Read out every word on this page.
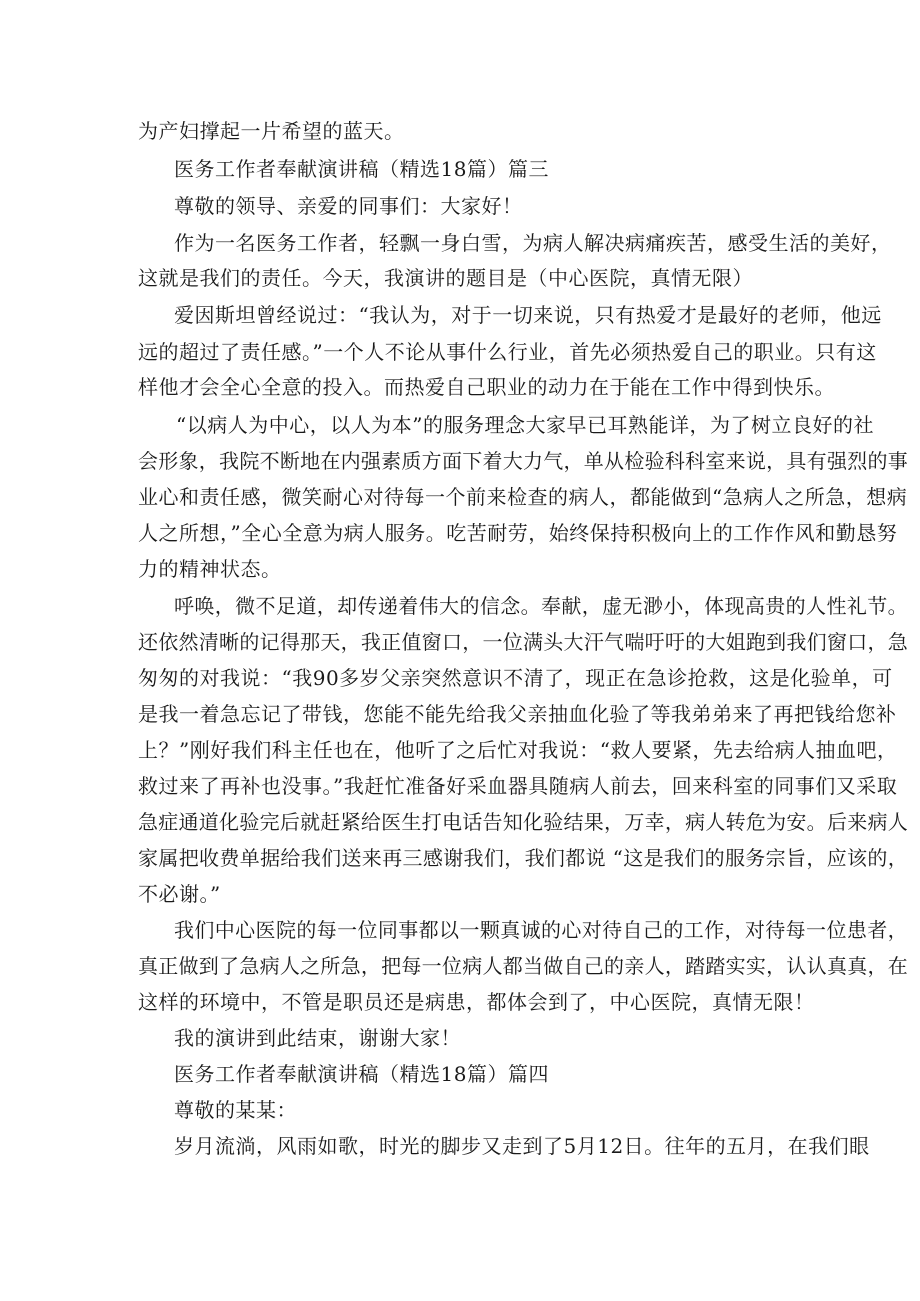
为产妇撑起一片希望的蓝天。
医务工作者奉献演讲稿（精选18篇）篇三
尊敬的领导、亲爱的同事们：大家好！
作为一名医务工作者，轻飘一身白雪，为病人解决病痛疾苦，感受生活的美好，
这就是我们的责任。今天，我演讲的题目是（中心医院，真情无限）
爱因斯坦曾经说过：“我认为，对于一切来说，只有热爱才是最好的老师，他远
远的超过了责任感。”一个人不论从事什么行业，首先必须热爱自己的职业。只有这
样他才会全心全意的投入。而热爱自己职业的动力在于能在工作中得到快乐。
“以病人为中心，以人为本”的服务理念大家早已耳熟能详，为了树立良好的社
会形象，我院不断地在内强素质方面下着大力气，单从检验科科室来说，具有强烈的事
业心和责任感，微笑耐心对待每一个前来检查的病人，都能做到“急病人之所急，想病
人之所想，”全心全意为病人服务。吃苦耐劳，始终保持积极向上的工作作风和勤恳努
力的精神状态。
呼唤，微不足道，却传递着伟大的信念。奉献，虚无渺小，体现高贵的人性礼节。
还依然清晰的记得那天，我正值窗口，一位满头大汗气喘吁吁的大姐跑到我们窗口，急
匆匆的对我说：“我90多岁父亲突然意识不清了，现正在急诊抢救，这是化验单，可
是我一着急忘记了带钱，您能不能先给我父亲抽血化验了等我弟弟来了再把钱给您补
上？”刚好我们科主任也在，他听了之后忙对我说：“救人要紧，先去给病人抽血吧，
救过来了再补也没事。”我赶忙准备好采血器具随病人前去，回来科室的同事们又采取
急症通道化验完后就赶紧给医生打电话告知化验结果，万幸，病人转危为安。后来病人
家属把收费单据给我们送来再三感谢我们，我们都说 “这是我们的服务宗旨，应该的，
不必谢。”
我们中心医院的每一位同事都以一颗真诚的心对待自己的工作，对待每一位患者，
真正做到了急病人之所急，把每一位病人都当做自己的亲人，踏踏实实，认认真真，在
这样的环境中，不管是职员还是病患，都体会到了，中心医院，真情无限！
我的演讲到此结束，谢谢大家！
医务工作者奉献演讲稿（精选18篇）篇四
尊敬的某某：
岁月流淌，风雨如歌，时光的脚步又走到了5月12日。往年的五月，在我们眼
